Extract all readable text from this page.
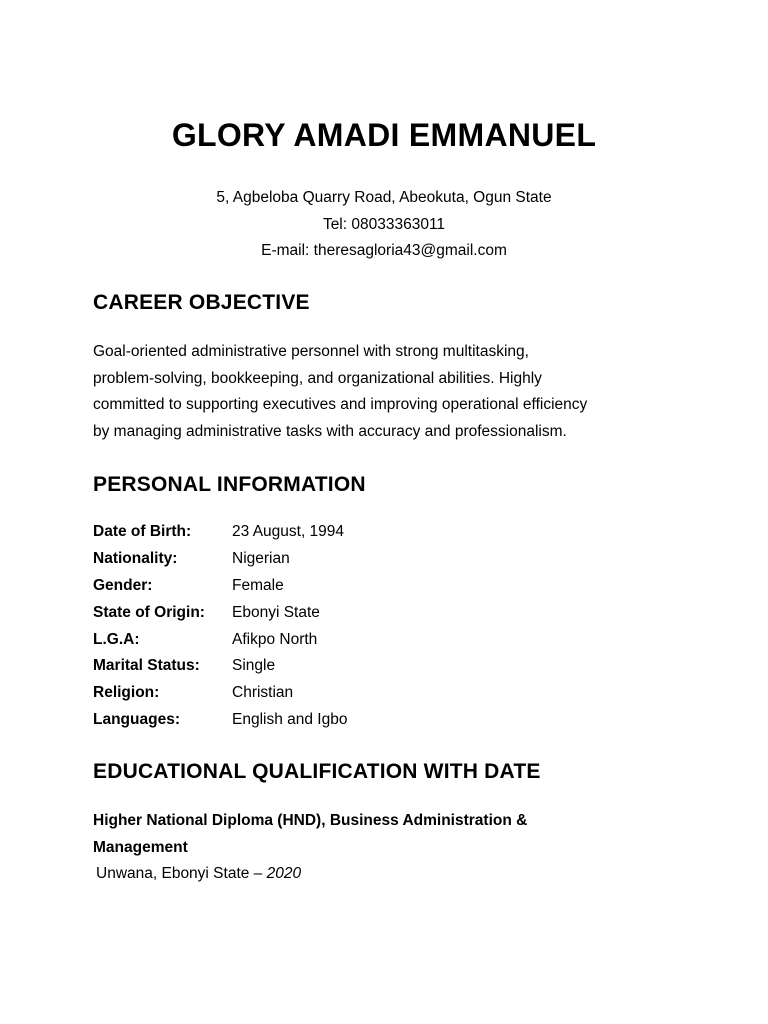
GLORY AMADI EMMANUEL
5, Agbeloba Quarry Road, Abeokuta, Ogun State
Tel: 08033363011
E-mail: theresagloria43@gmail.com
CAREER OBJECTIVE
Goal-oriented administrative personnel with strong multitasking,
problem-solving, bookkeeping, and organizational abilities. Highly
committed to supporting executives and improving operational efficiency
by managing administrative tasks with accuracy and professionalism.
PERSONAL INFORMATION
Date of Birth:	23 August, 1994
Nationality:	Nigerian
Gender:	Female
State of Origin:	Ebonyi State
L.G.A:	Afikpo North
Marital Status:	Single
Religion:	Christian
Languages:	English and Igbo
EDUCATIONAL QUALIFICATION WITH DATE
Higher National Diploma (HND), Business Administration &
Management
Unwana, Ebonyi State – 2020
